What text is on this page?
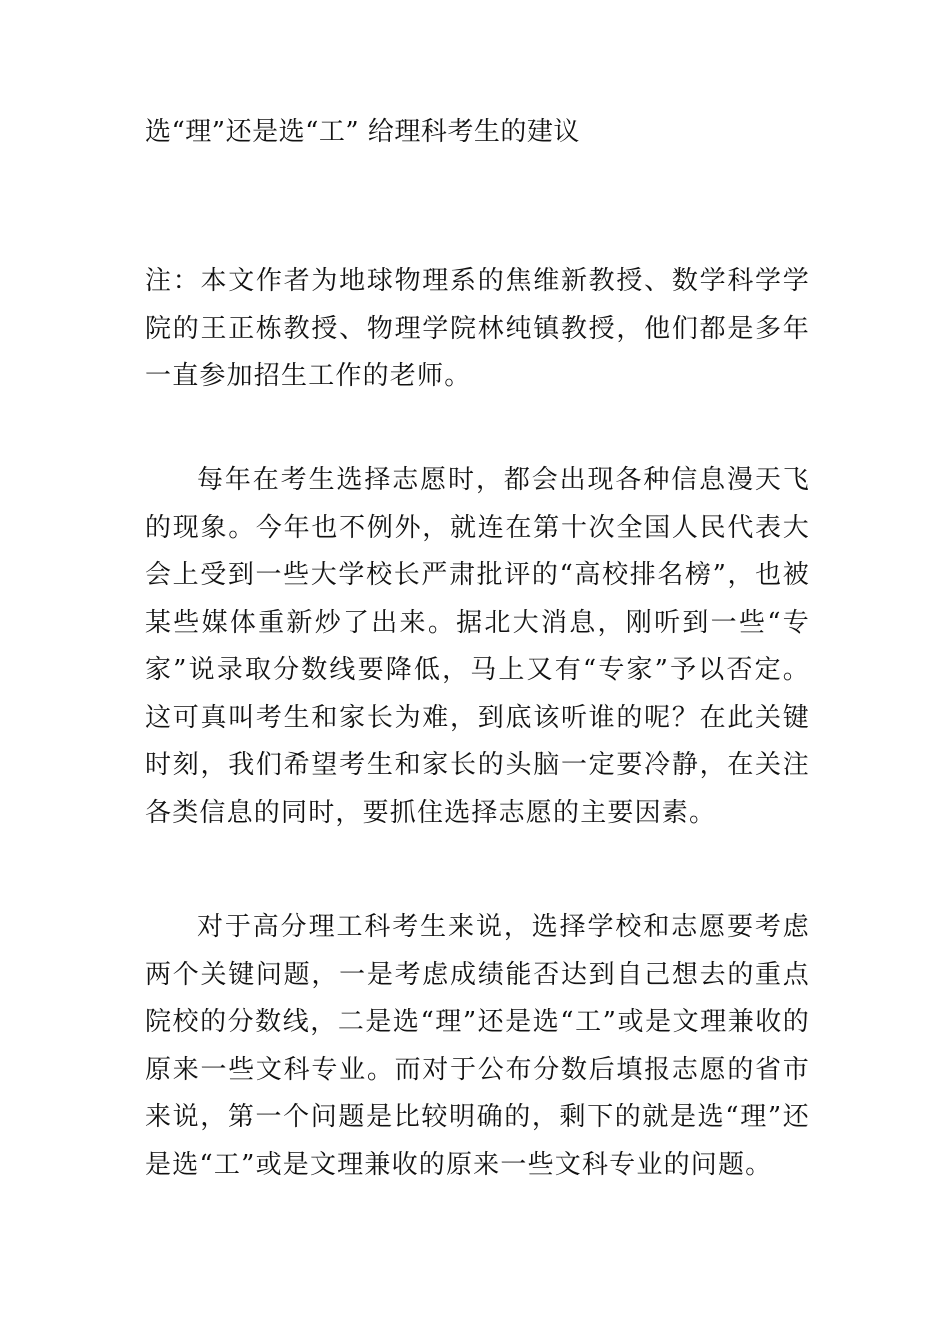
选“理”还是选“工” 给理科考生的建议

注：本文作者为地球物理系的焦维新教授、数学科学学院的王正栋教授、物理学院林纯镇教授，他们都是多年一直参加招生工作的老师。

每年在考生选择志愿时，都会出现各种信息漫天飞的现象。今年也不例外，就连在第十次全国人民代表大会上受到一些大学校长严肃批评的“高校排名榜”，也被某些媒体重新炒了出来。据北大消息，刚听到一些“专家”说录取分数线要降低，马上又有“专家”予以否定。这可真叫考生和家长为难，到底该听谁的呢？在此关键时刻，我们希望考生和家长的头脑一定要冷静，在关注各类信息的同时，要抓住选择志愿的主要因素。

对于高分理工科考生来说，选择学校和志愿要考虑两个关键问题，一是考虑成绩能否达到自己想去的重点院校的分数线，二是选“理”还是选“工”或是文理兼收的原来一些文科专业。而对于公布分数后填报志愿的省市来说，第一个问题是比较明确的，剩下的就是选“理”还是选“工”或是文理兼收的原来一些文科专业的问题。
